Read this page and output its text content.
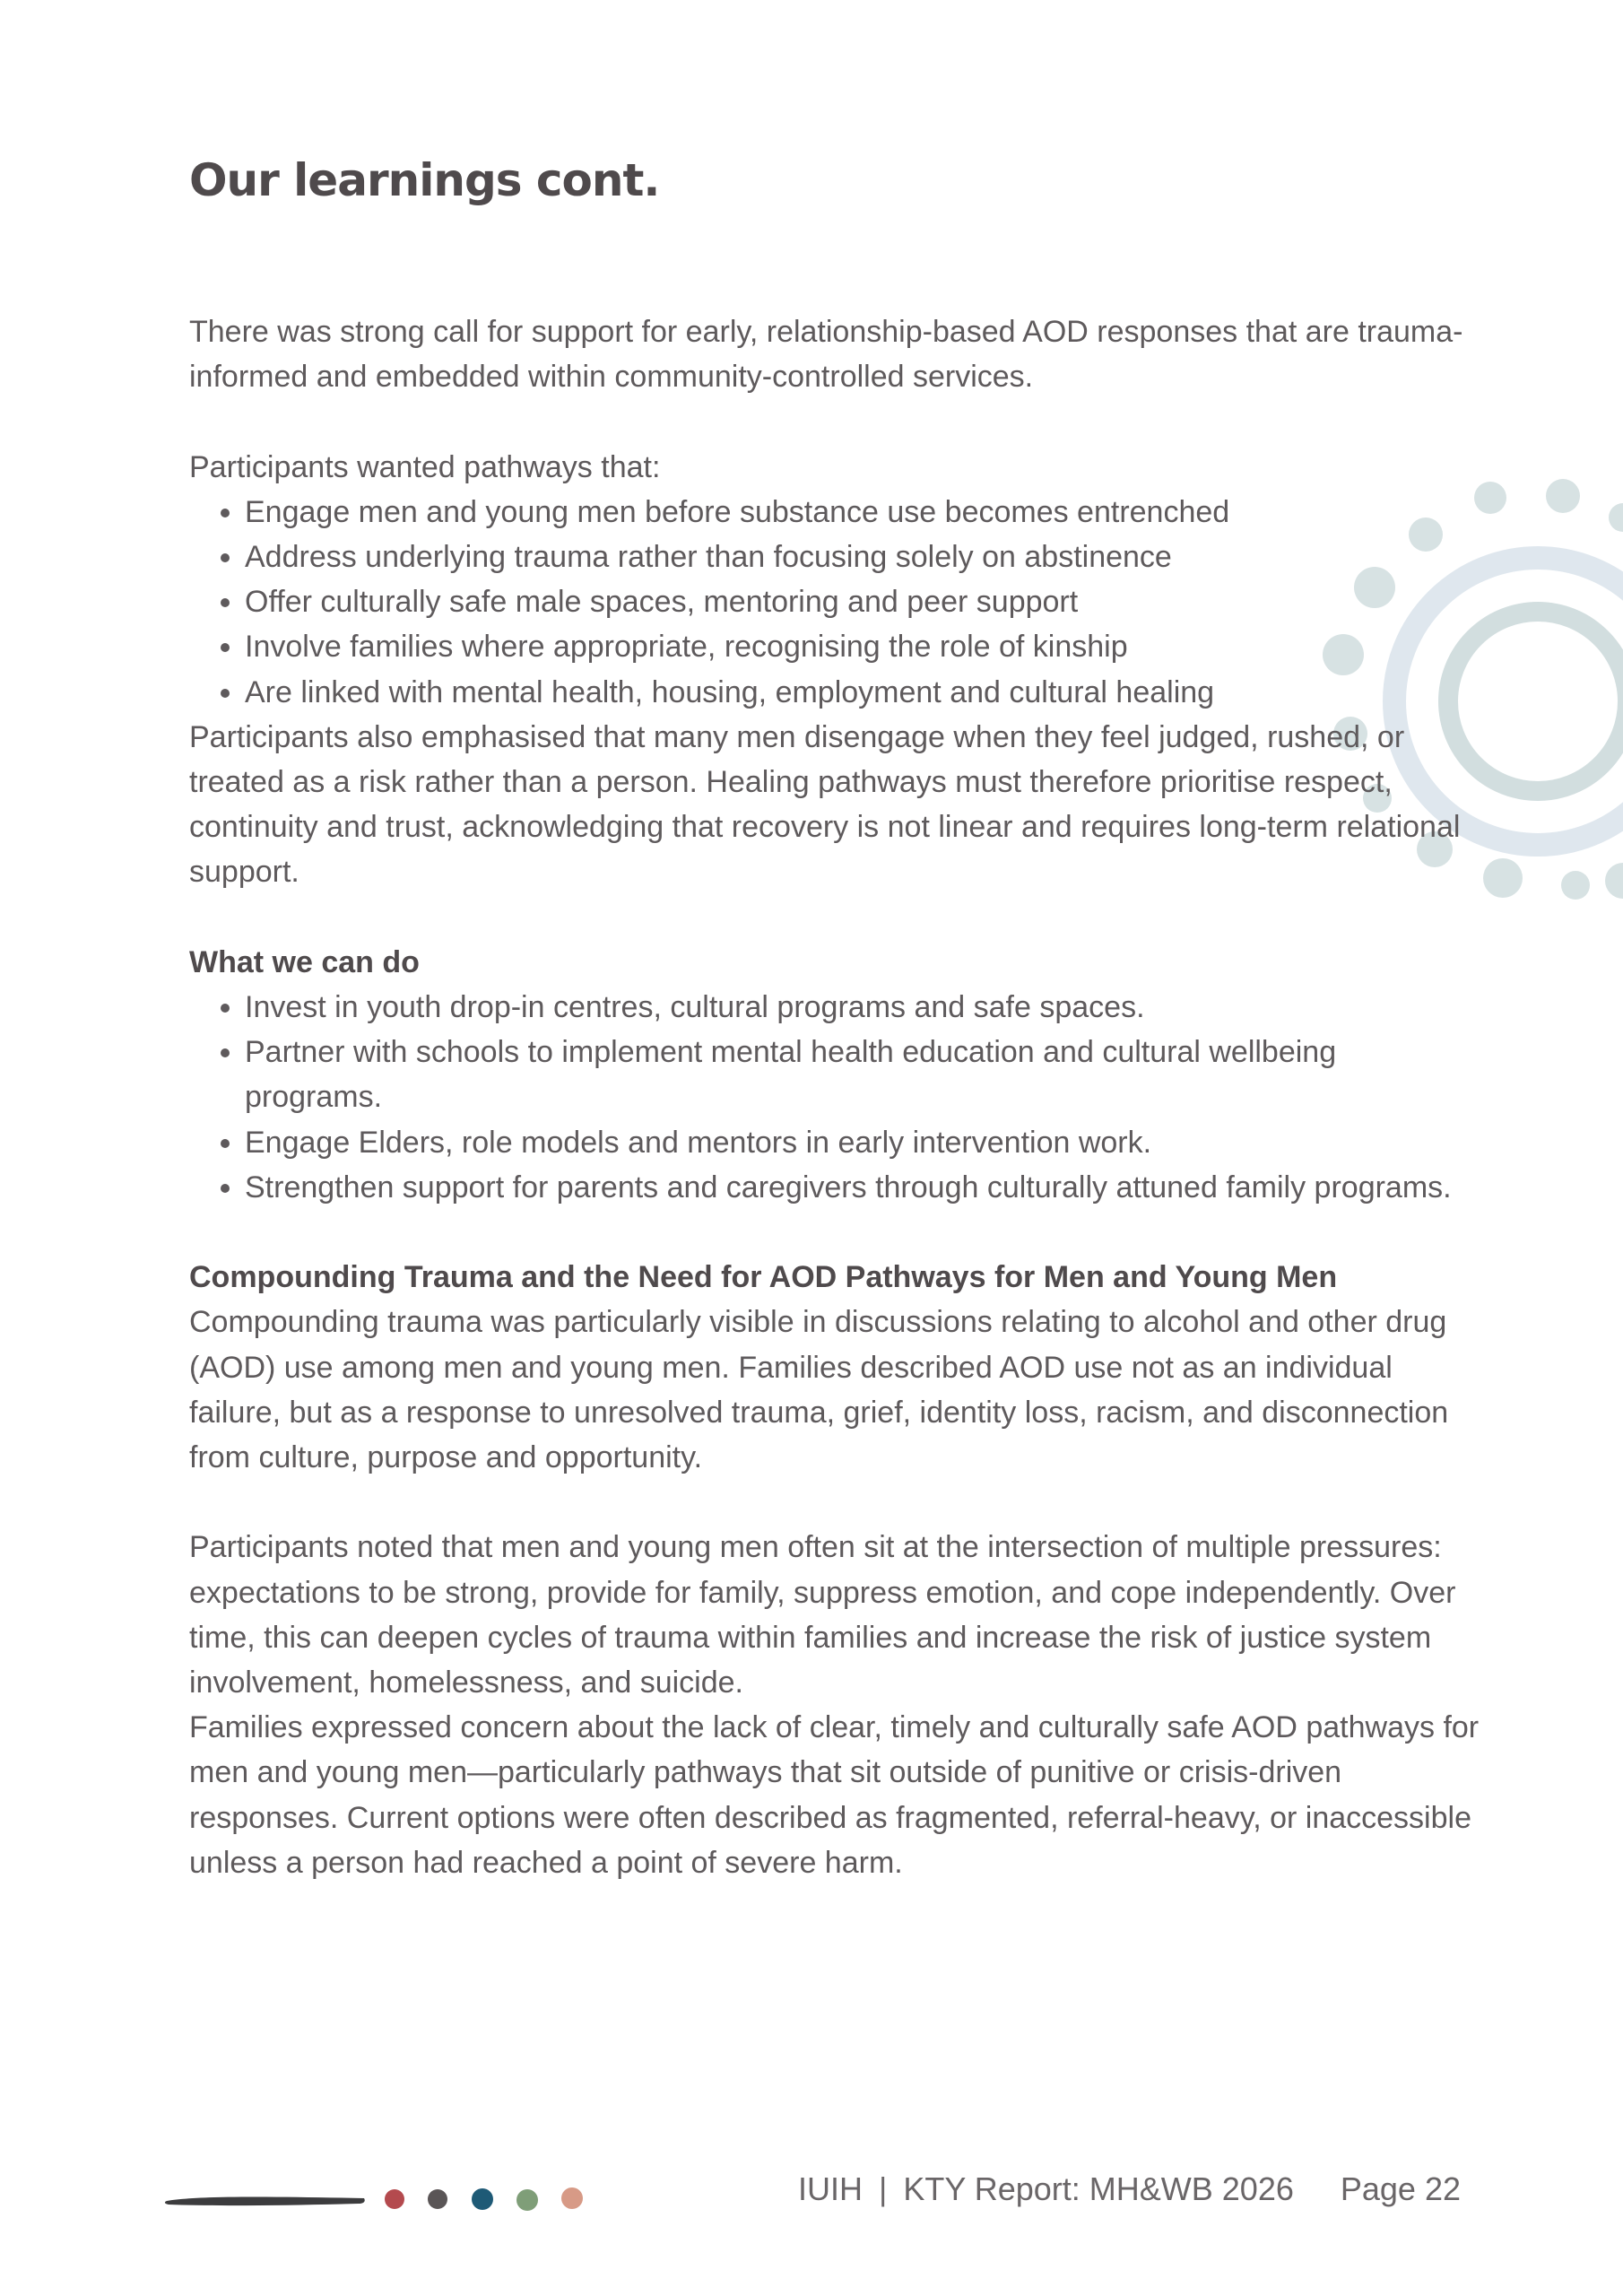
Our learnings cont.

There was strong call for support for early, relationship-based AOD responses that are trauma-informed and embedded within community-controlled services.

Participants wanted pathways that:

• Engage men and young men before substance use becomes entrenched
• Address underlying trauma rather than focusing solely on abstinence
• Offer culturally safe male spaces, mentoring and peer support
• Involve families where appropriate, recognising the role of kinship
• Are linked with mental health, housing, employment and cultural healing

Participants also emphasised that many men disengage when they feel judged, rushed, or treated as a risk rather than a person. Healing pathways must therefore prioritise respect, continuity and trust, acknowledging that recovery is not linear and requires long-term relational support.

What we can do

• Invest in youth drop-in centres, cultural programs and safe spaces.
• Partner with schools to implement mental health education and cultural wellbeing programs.
• Engage Elders, role models and mentors in early intervention work.
• Strengthen support for parents and caregivers through culturally attuned family programs.

Compounding Trauma and the Need for AOD Pathways for Men and Young Men

Compounding trauma was particularly visible in discussions relating to alcohol and other drug (AOD) use among men and young men. Families described AOD use not as an individual failure, but as a response to unresolved trauma, grief, identity loss, racism, and disconnection from culture, purpose and opportunity.

Participants noted that men and young men often sit at the intersection of multiple pressures: expectations to be strong, provide for family, suppress emotion, and cope independently. Over time, this can deepen cycles of trauma within families and increase the risk of justice system involvement, homelessness, and suicide.

Families expressed concern about the lack of clear, timely and culturally safe AOD pathways for men and young men—particularly pathways that sit outside of punitive or crisis-driven responses. Current options were often described as fragmented, referral-heavy, or inaccessible unless a person had reached a point of severe harm.

IUIH | KTY Report: MH&WB 2026 Page 22
